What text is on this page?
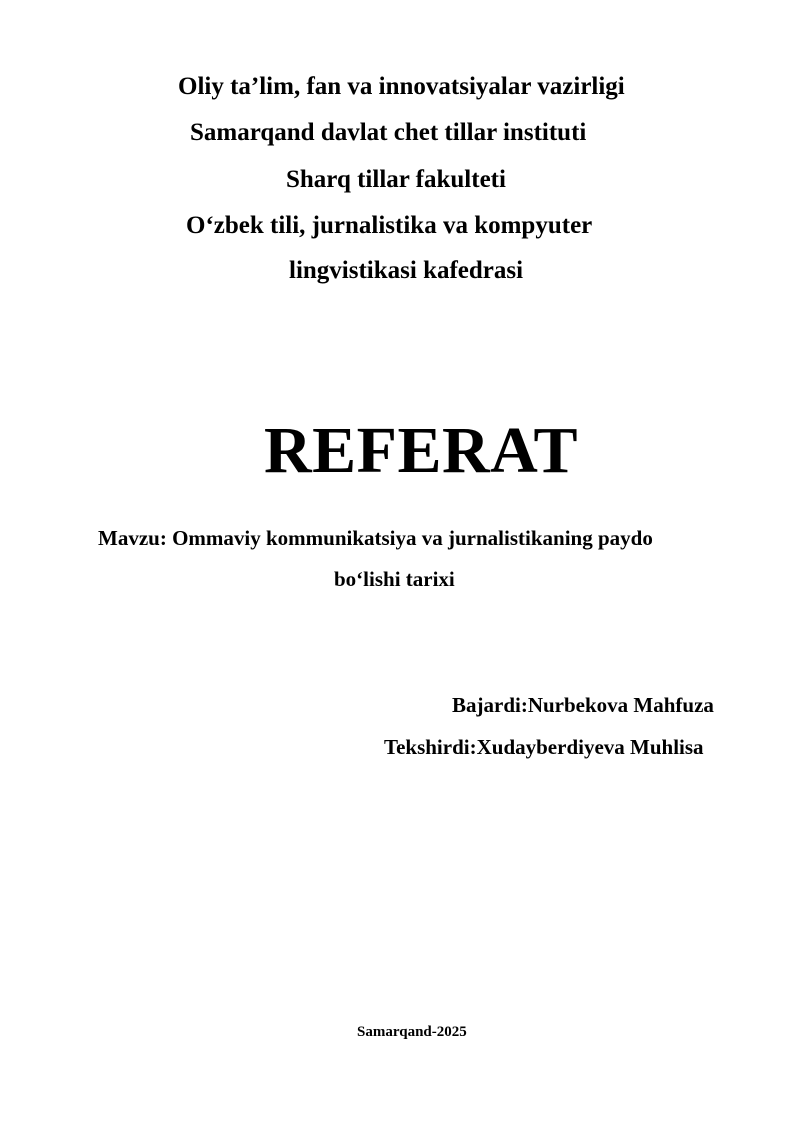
Oliy ta’lim, fan va innovatsiyalar vazirligi
Samarqand davlat chet tillar instituti
Sharq tillar fakulteti
O‘zbek tili, jurnalistika va kompyuter
lingvistikasi kafedrasi
REFERAT
Mavzu: Ommaviy kommunikatsiya va jurnalistikaning paydo
bo‘lishi tarixi
Bajardi:Nurbekova Mahfuza
Tekshirdi:Xudayberdiyeva Muhlisa
Samarqand-2025
